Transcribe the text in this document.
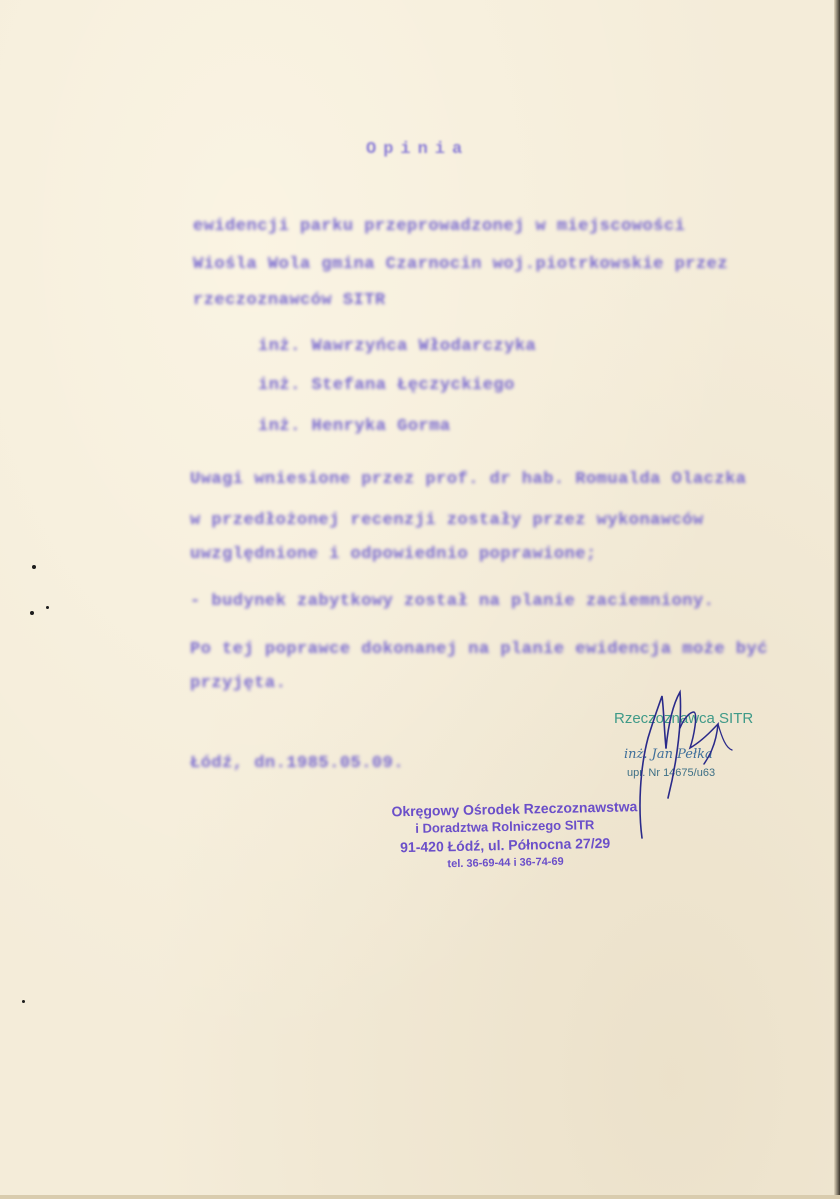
Opinia
ewidencji parku przeprowadzonej w miejscowości
Wiośla Wola gmina Czarnocin woj.piotrkowskie przez
rzeczoznawców SITR
inż. Wawrzyńca Włodarczyka
inż. Stefana Łęczyckiego
inż. Henryka Gorma
Uwagi wniesione przez prof. dr hab. Romualda Olaczka
w przedłożonej recenzji zostały przez wykonawców
uwzględnione i odpowiednio poprawione;
- budynek zabytkowy został na planie zaciemniony.
Po tej poprawce dokonanej na planie ewidencja może być
przyjęta.
Łódź, dn.1985.05.09.
Rzeczoznawca SITR
inż. Jan Pełka
upr. Nr 14675/u63
Okręgowy Ośrodek Rzeczoznawstwa
i Doradztwa Rolniczego SITR
91-420 Łódź, ul. Północna 27/29
tel. 36-69-44 i 36-74-69
